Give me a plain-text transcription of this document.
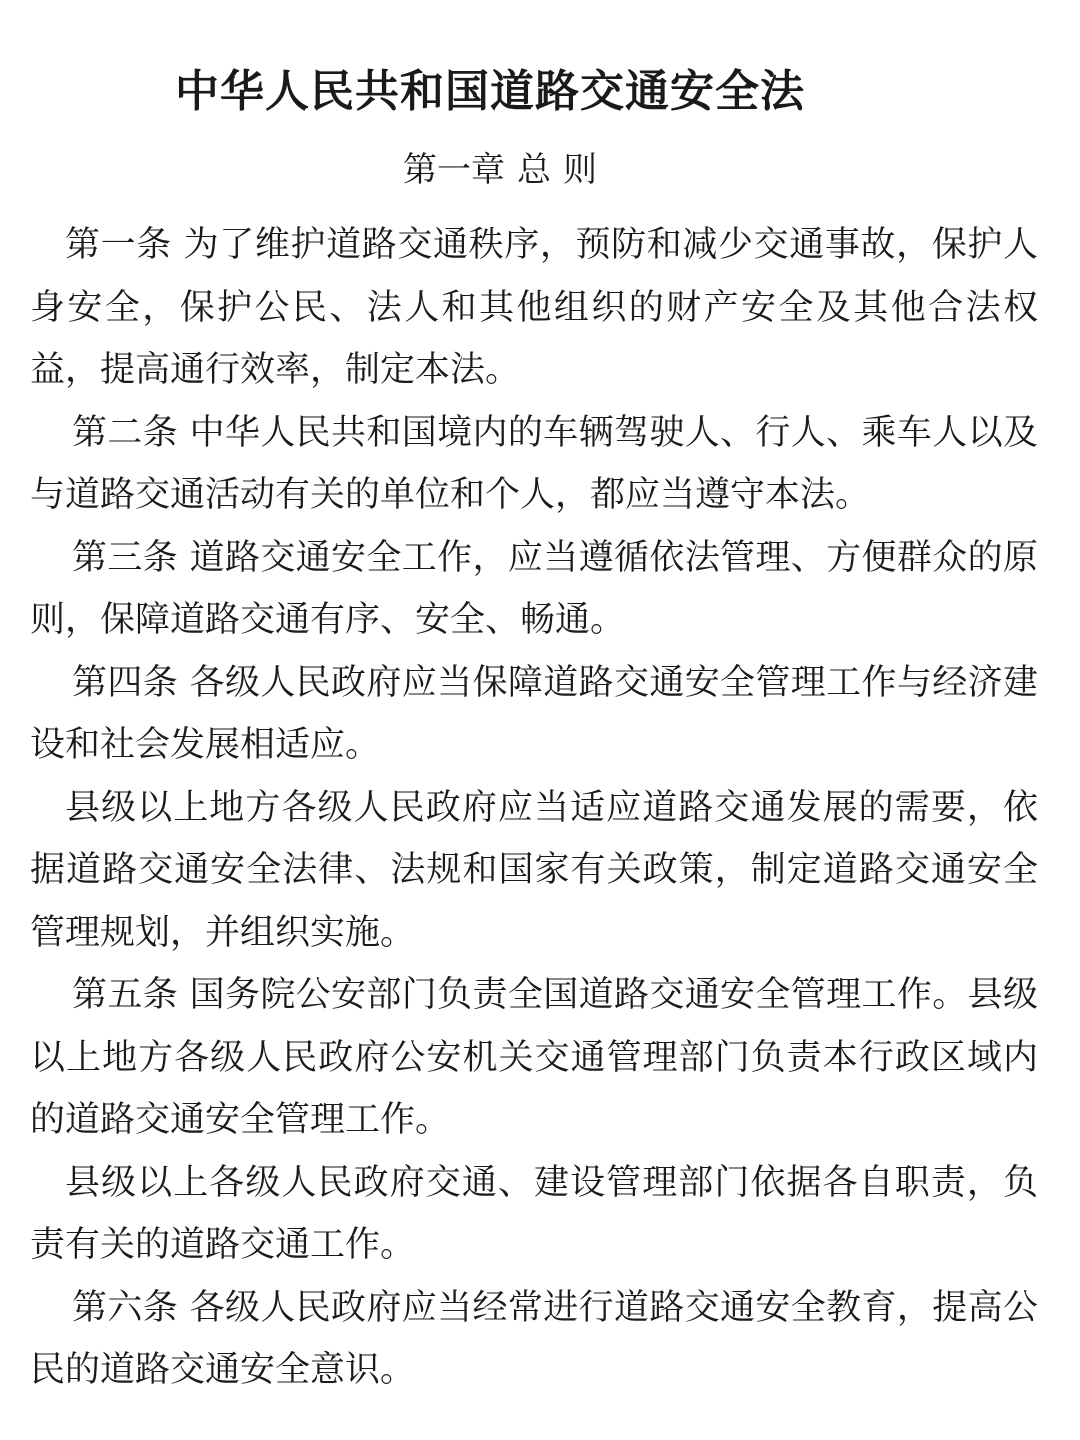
中华人民共和国道路交通安全法
第一章 总 则

第一条 为了维护道路交通秩序，预防和减少交通事故，保护人身安全，保护公民、法人和其他组织的财产安全及其他合法权益，提高通行效率，制定本法。

第二条 中华人民共和国境内的车辆驾驶人、行人、乘车人以及与道路交通活动有关的单位和个人，都应当遵守本法。

第三条 道路交通安全工作，应当遵循依法管理、方便群众的原则，保障道路交通有序、安全、畅通。

第四条 各级人民政府应当保障道路交通安全管理工作与经济建设和社会发展相适应。

县级以上地方各级人民政府应当适应道路交通发展的需要，依据道路交通安全法律、法规和国家有关政策，制定道路交通安全管理规划，并组织实施。

第五条 国务院公安部门负责全国道路交通安全管理工作。县级以上地方各级人民政府公安机关交通管理部门负责本行政区域内的道路交通安全管理工作。

县级以上各级人民政府交通、建设管理部门依据各自职责，负责有关的道路交通工作。

第六条 各级人民政府应当经常进行道路交通安全教育，提高公民的道路交通安全意识。
